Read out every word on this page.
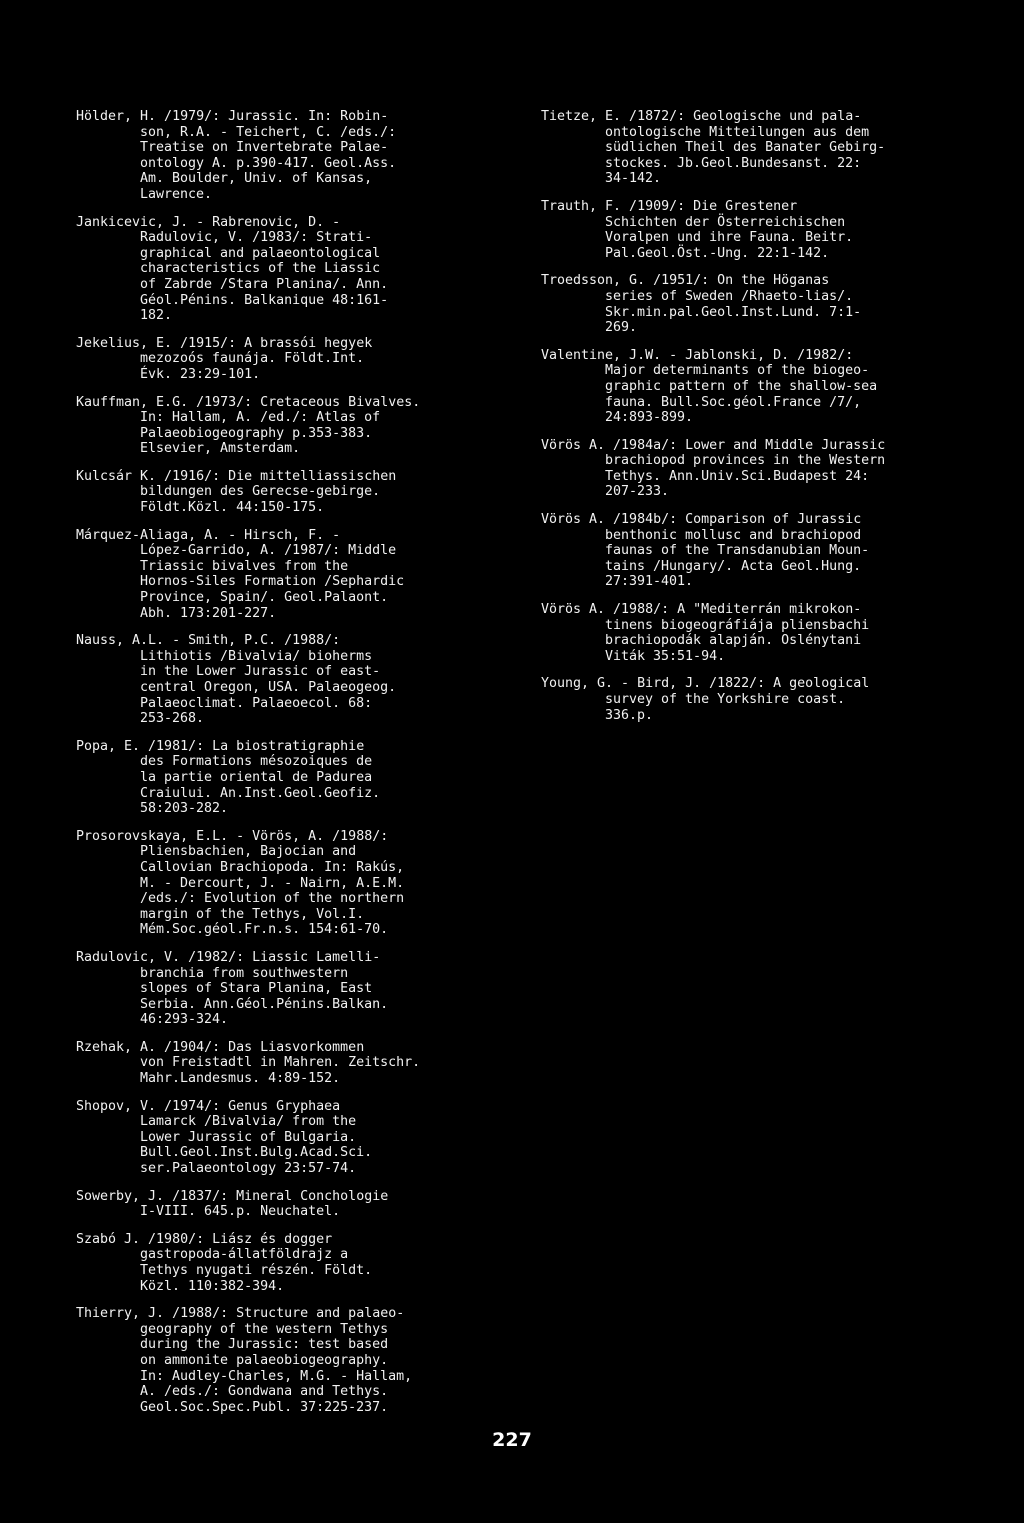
Hölder, H. /1979/: Jurassic. In: Robin-
son, R.A. - Teichert, C. /eds./:
Treatise on Invertebrate Palae-
ontology A. p.390-417. Geol.Ass.
Am. Boulder, Univ. of Kansas,
Lawrence.
Jankicevic, J. - Rabrenovic, D. -
Radulovic, V. /1983/: Strati-
graphical and palaeontological
characteristics of the Liassic
of Zabrde /Stara Planina/. Ann.
Géol.Pénins. Balkanique 48:161-
182.
Jekelius, E. /1915/: A brassói hegyek
mezozoós faunája. Földt.Int.
Évk. 23:29-101.
Kauffman, E.G. /1973/: Cretaceous Bivalves.
In: Hallam, A. /ed./: Atlas of
Palaeobiogeography p.353-383.
Elsevier, Amsterdam.
Kulcsár K. /1916/: Die mittelliassischen
bildungen des Gerecse-gebirge.
Földt.Közl. 44:150-175.
Márquez-Aliaga, A. - Hirsch, F. -
López-Garrido, A. /1987/: Middle
Triassic bivalves from the
Hornos-Siles Formation /Sephardic
Province, Spain/. Geol.Palaont.
Abh. 173:201-227.
Nauss, A.L. - Smith, P.C. /1988/:
Lithiotis /Bivalvia/ bioherms
in the Lower Jurassic of east-
central Oregon, USA. Palaeogeog.
Palaeoclimat. Palaeoecol. 68:
253-268.
Popa, E. /1981/: La biostratigraphie
des Formations mésozoiques de
la partie oriental de Padurea
Craiului. An.Inst.Geol.Geofiz.
58:203-282.
Prosorovskaya, E.L. - Vörös, A. /1988/:
Pliensbachien, Bajocian and
Callovian Brachiopoda. In: Rakús,
M. - Dercourt, J. - Nairn, A.E.M.
/eds./: Evolution of the northern
margin of the Tethys, Vol.I.
Mém.Soc.géol.Fr.n.s. 154:61-70.
Radulovic, V. /1982/: Liassic Lamelli-
branchia from southwestern
slopes of Stara Planina, East
Serbia. Ann.Géol.Pénins.Balkan.
46:293-324.
Rzehak, A. /1904/: Das Liasvorkommen
von Freistadtl in Mahren. Zeitschr.
Mahr.Landesmus. 4:89-152.
Shopov, V. /1974/: Genus Gryphaea
Lamarck /Bivalvia/ from the
Lower Jurassic of Bulgaria.
Bull.Geol.Inst.Bulg.Acad.Sci.
ser.Palaeontology 23:57-74.
Sowerby, J. /1837/: Mineral Conchologie
I-VIII. 645.p. Neuchatel.
Szabó J. /1980/: Liász és dogger
gastropoda-állatföldrajz a
Tethys nyugati részén. Földt.
Közl. 110:382-394.
Thierry, J. /1988/: Structure and palaeo-
geography of the western Tethys
during the Jurassic: test based
on ammonite palaeobiogeography.
In: Audley-Charles, M.G. - Hallam,
A. /eds./: Gondwana and Tethys.
Geol.Soc.Spec.Publ. 37:225-237.
Tietze, E. /1872/: Geologische und pala-
ontologische Mitteilungen aus dem
südlichen Theil des Banater Gebirg-
stockes. Jb.Geol.Bundesanst. 22:
34-142.
Trauth, F. /1909/: Die Grestener
Schichten der Österreichischen
Voralpen und ihre Fauna. Beitr.
Pal.Geol.Öst.-Ung. 22:1-142.
Troedsson, G. /1951/: On the Höganas
series of Sweden /Rhaeto-lias/.
Skr.min.pal.Geol.Inst.Lund. 7:1-
269.
Valentine, J.W. - Jablonski, D. /1982/:
Major determinants of the biogeo-
graphic pattern of the shallow-sea
fauna. Bull.Soc.géol.France /7/,
24:893-899.
Vörös A. /1984a/: Lower and Middle Jurassic
brachiopod provinces in the Western
Tethys. Ann.Univ.Sci.Budapest 24:
207-233.
Vörös A. /1984b/: Comparison of Jurassic
benthonic mollusc and brachiopod
faunas of the Transdanubian Moun-
tains /Hungary/. Acta Geol.Hung.
27:391-401.
Vörös A. /1988/: A "Mediterrán mikrokon-
tinens biogeográfiája pliensbachi
brachiopodák alapján. Oslénytani
Viták 35:51-94.
Young, G. - Bird, J. /1822/: A geological
survey of the Yorkshire coast.
336.p.
227
